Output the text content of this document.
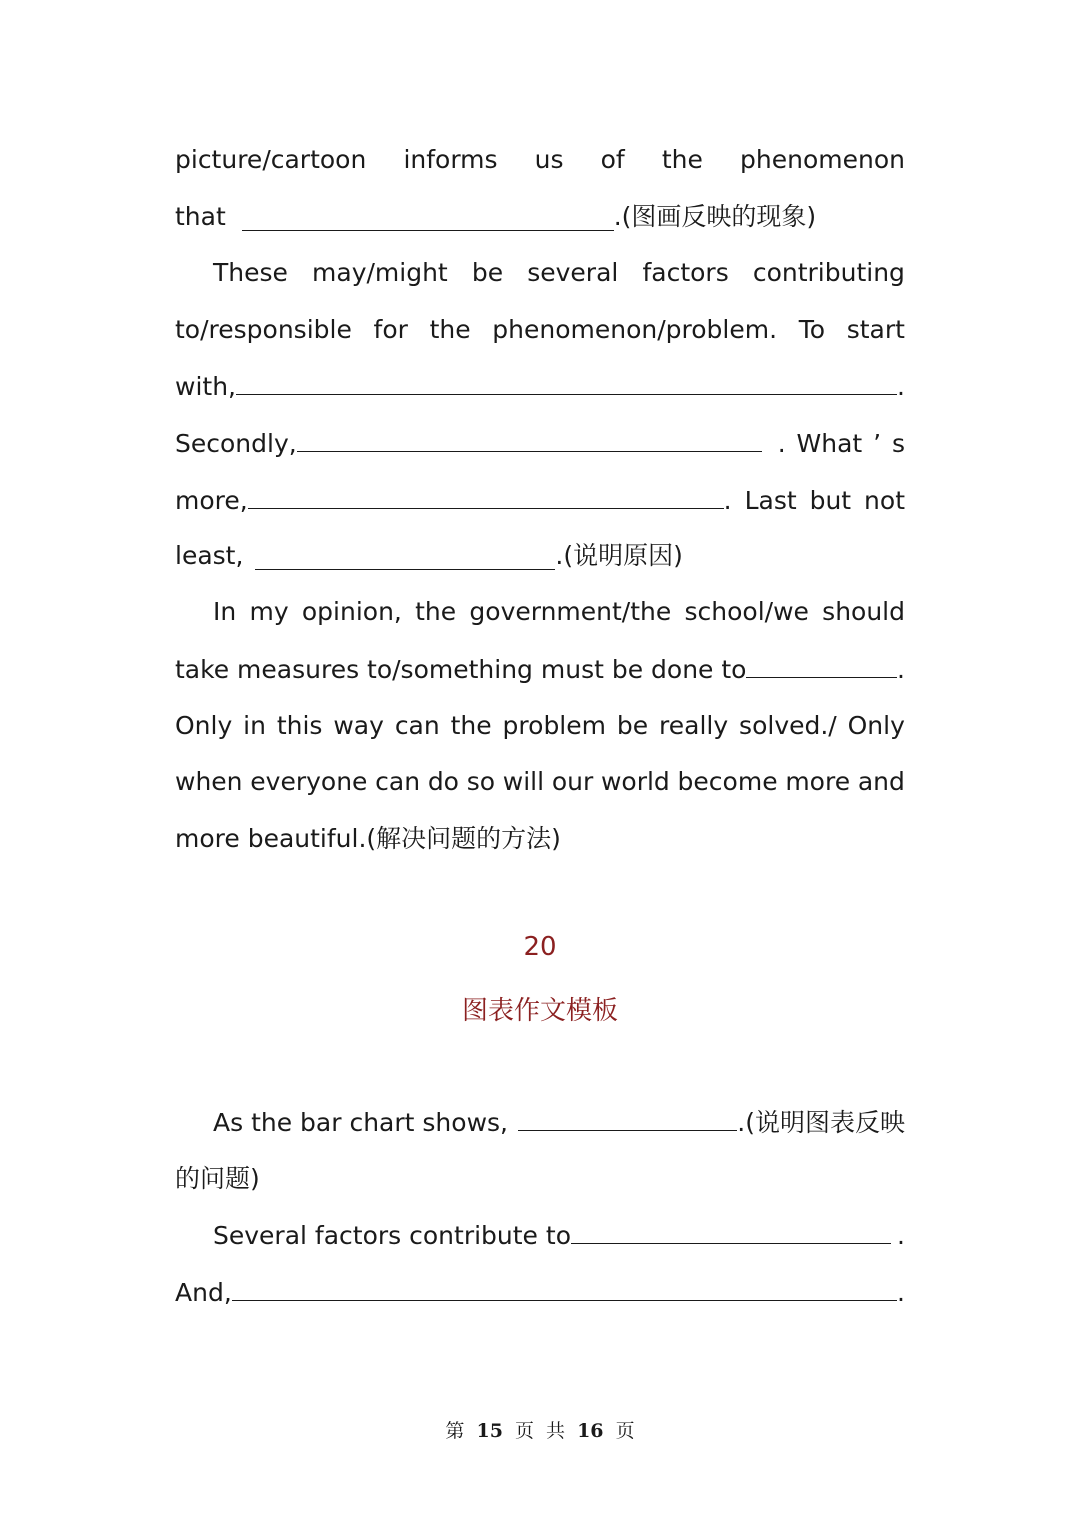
picture/cartoon informs us of the phenomenon
that	.(图画反映的现象)
These may/might be several factors contributing
to/responsible for the phenomenon/problem. To start
with,	.
Secondly,	. What ’ s
more,	. Last but not
least,	.(说明原因)
In my opinion, the government/the school/we should
take measures to/something must be done to	.
Only in this way can the problem be really solved./ Only
when everyone can do so will our world become more and
more beautiful.(解决问题的方法)
20
图表作文模板
As the bar chart shows,	.(说明图表反映
的问题)
Several factors contribute to	.
And,	.
第 15 页 共 16 页
